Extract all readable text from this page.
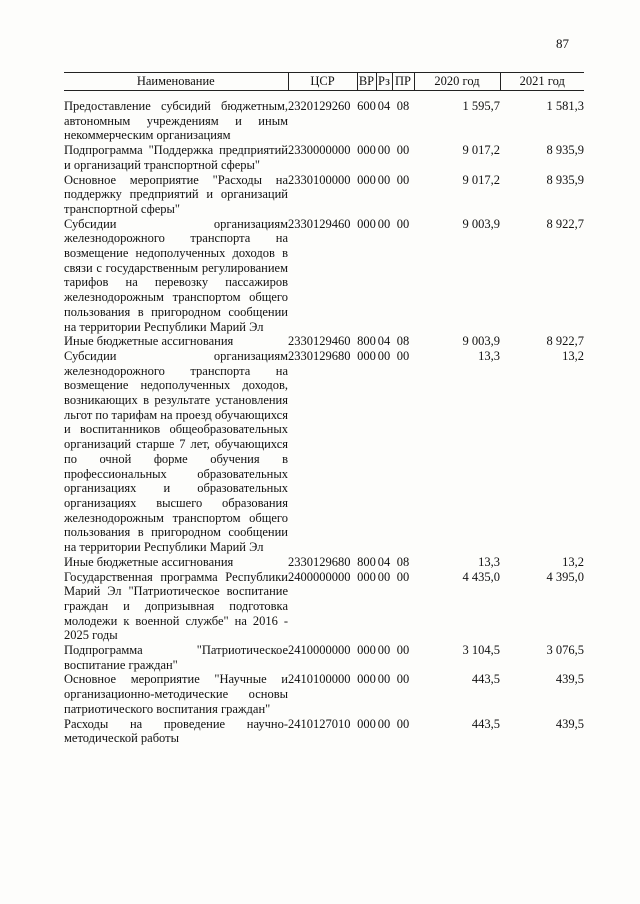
87
Наименование	ЦСР	ВР	Рз	ПР	2020 год	2021 год
Предоставление субсидий бюджетным, автономным учреждениям и иным некоммерческим организациям	2320129260	600	04	08	1 595,7	1 581,3
Подпрограмма "Поддержка предприятий и организаций транспортной сферы"	2330000000	000	00	00	9 017,2	8 935,9
Основное мероприятие "Расходы на поддержку предприятий и организаций транспортной сферы"	2330100000	000	00	00	9 017,2	8 935,9
Субсидии организациям железнодорожного транспорта на возмещение недополученных доходов в связи с государственным регулированием тарифов на перевозку пассажиров железнодорожным транспортом общего пользования в пригородном сообщении на территории Республики Марий Эл	2330129460	000	00	00	9 003,9	8 922,7
Иные бюджетные ассигнования	2330129460	800	04	08	9 003,9	8 922,7
Субсидии организациям железнодорожного транспорта на возмещение недополученных доходов, возникающих в результате установления льгот по тарифам на проезд обучающихся и воспитанников общеобразовательных организаций старше 7 лет, обучающихся по очной форме обучения в профессиональных образовательных организациях и образовательных организациях высшего образования железнодорожным транспортом общего пользования в пригородном сообщении на территории Республики Марий Эл	2330129680	000	00	00	13,3	13,2
Иные бюджетные ассигнования	2330129680	800	04	08	13,3	13,2
Государственная программа Республики Марий Эл "Патриотическое воспитание граждан и допризывная подготовка молодежи к военной службе" на 2016 - 2025 годы	2400000000	000	00	00	4 435,0	4 395,0
Подпрограмма "Патриотическое воспитание граждан"	2410000000	000	00	00	3 104,5	3 076,5
Основное мероприятие "Научные и организационно-методические основы патриотического воспитания граждан"	2410100000	000	00	00	443,5	439,5
Расходы на проведение научно-методической работы	2410127010	000	00	00	443,5	439,5
